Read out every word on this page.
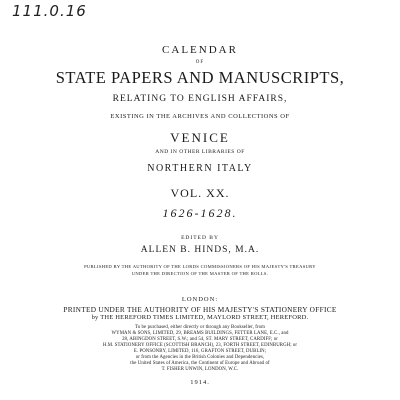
111.0.16
CALENDAR
OF
STATE PAPERS AND MANUSCRIPTS,
RELATING TO ENGLISH AFFAIRS,
EXISTING IN THE ARCHIVES AND COLLECTIONS OF
VENICE
AND IN OTHER LIBRARIES OF
NORTHERN ITALY
VOL. XX.
1626-1628.
EDITED BY
ALLEN B. HINDS, M.A.
PUBLISHED BY THE AUTHORITY OF THE LORDS COMMISSIONERS OF HIS MAJESTY'S TREASURY
UNDER THE DIRECTION OF THE MASTER OF THE ROLLS.
LONDON:
PRINTED UNDER THE AUTHORITY OF HIS MAJESTY'S STATIONERY OFFICE
by THE HEREFORD TIMES LIMITED, MAYLORD STREET, HEREFORD.
To be purchased, either directly or through any Bookseller, from
WYMAN & SONS, LIMITED, 29, BREAMS BUILDINGS, FETTER LANE, E.C., and
28, ABINGDON STREET, S.W.; and 54, ST. MARY STREET, CARDIFF; or
H.M. STATIONERY OFFICE (SCOTTISH BRANCH), 23, FORTH STREET, EDINBURGH; or
E. PONSONBY, LIMITED, 116, GRAFTON STREET, DUBLIN;
or from the Agencies in the British Colonies and Dependencies,
the United States of America, the Continent of Europe and Abroad of
T. FISHER UNWIN, LONDON, W.C.
1914.
